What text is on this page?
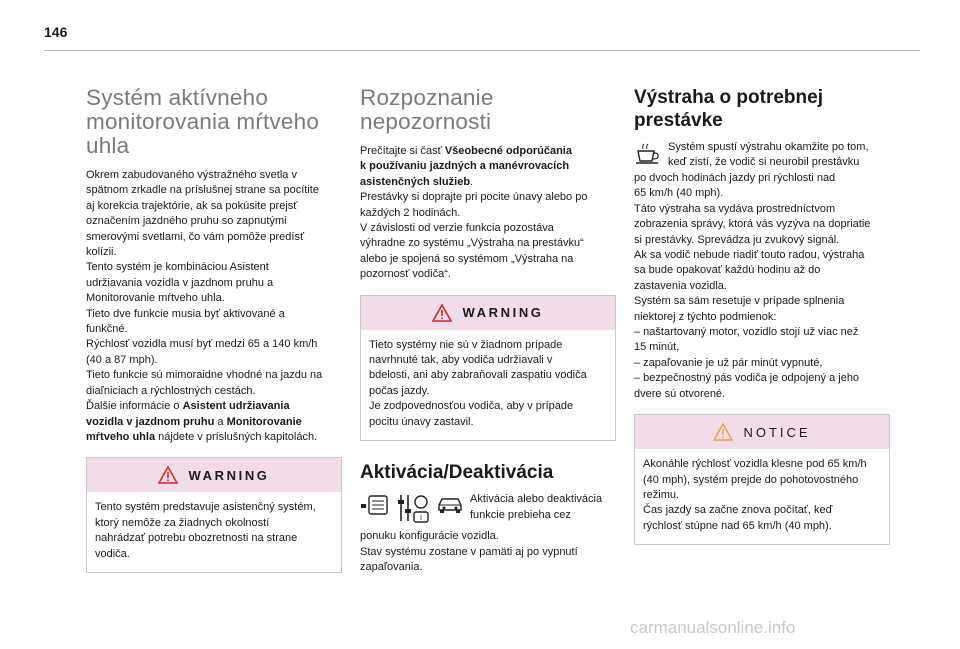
146
Systém aktívneho monitorovania mŕtveho uhla

Okrem zabudovaného výstražného svetla v
spätnom zrkadle na príslušnej strane sa pocítite
aj korekcia trajektórie, ak sa pokúsite prejsť
označením jazdného pruhu so zapnutými
smerovými svetlami, čo vám pomôže predísť
kolízii.
Tento systém je kombináciou Asistent
udržiavania vozidla v jazdnom pruhu a
Monitorovanie mŕtveho uhla.
Tieto dve funkcie musia byť aktivované a
funkčné.
Rýchlosť vozidla musí byť medzi 65 a 140 km/h
(40 a 87 mph).
Tieto funkcie sú mimoraidne vhodné na jazdu na
diaľniciach a rýchlostných cestách.
Ďalšie informácie o Asistent udržiavania
vozidla v jazdnom pruhu a Monitorovanie
mŕtveho uhla nájdete v príslušných kapitolách.

WARNING

Tento systém predstavuje asistenčný systém,
ktorý nemôže za žiadnych okolností
nahrádzať potrebu obozretnosti na strane
vodiča.

Rozpoznanie nepozornosti

Prečítajte si časť Všeobecné odporúčania
k používaniu jazdných a manévrovacích
asistenčných služieb.
Prestávky si doprajte pri pocite únavy alebo po
každých 2 hodinách.
V závislosti od verzie funkcia pozostáva
výhradne zo systému „Výstraha na prestávku“
alebo je spojená so systémom „Výstraha na
pozornosť vodiča“.

WARNING

Tieto systémy nie sú v žiadnom prípade
navrhnuté tak, aby vodiča udržiavali v
bdelosti, ani aby zabraňovali zaspatiu vodiča
počas jazdy.
Je zodpovednosťou vodiča, aby v prípade
pocitu únavy zastavil.

Aktivácia/Deaktivácia
i

Aktivácia alebo deaktivácia
funkcie prebieha cez

ponuku konfigurácie vozidla.
Stav systému zostane v pamäti aj po vypnutí
zapaľovania.

Výstraha o potrebnej prestávke

Systém spustí výstrahu okamžite po tom,
keď zistí, že vodič si neurobil prestávku

po dvoch hodinách jazdy pri rýchlosti nad
65 km/h (40 mph).
Táto výstraha sa vydáva prostredníctvom
zobrazenia správy, ktorá vás vyzýva na dopriatie
si prestávky. Sprevádza ju zvukový signál.
Ak sa vodič nebude riadiť touto radou, výstraha
sa bude opakovať každú hodinu až do
zastavenia vozidla.
Systém sa sám resetuje v prípade splnenia
niektorej z týchto podmienok:
– naštartovaný motor, vozidlo stojí už viac než
15 minút,
– zapaľovanie je už pár minút vypnuté,
– bezpečnostný pás vodiča je odpojený a jeho
dvere sú otvorené.

NOTICE

Akonáhle rýchlosť vozidla klesne pod 65 km/h
(40 mph), systém prejde do pohotovostného
režimu.
Čas jazdy sa začne znova počítať, keď
rýchlosť stúpne nad 65 km/h (40 mph).

carmanualsonline.info
